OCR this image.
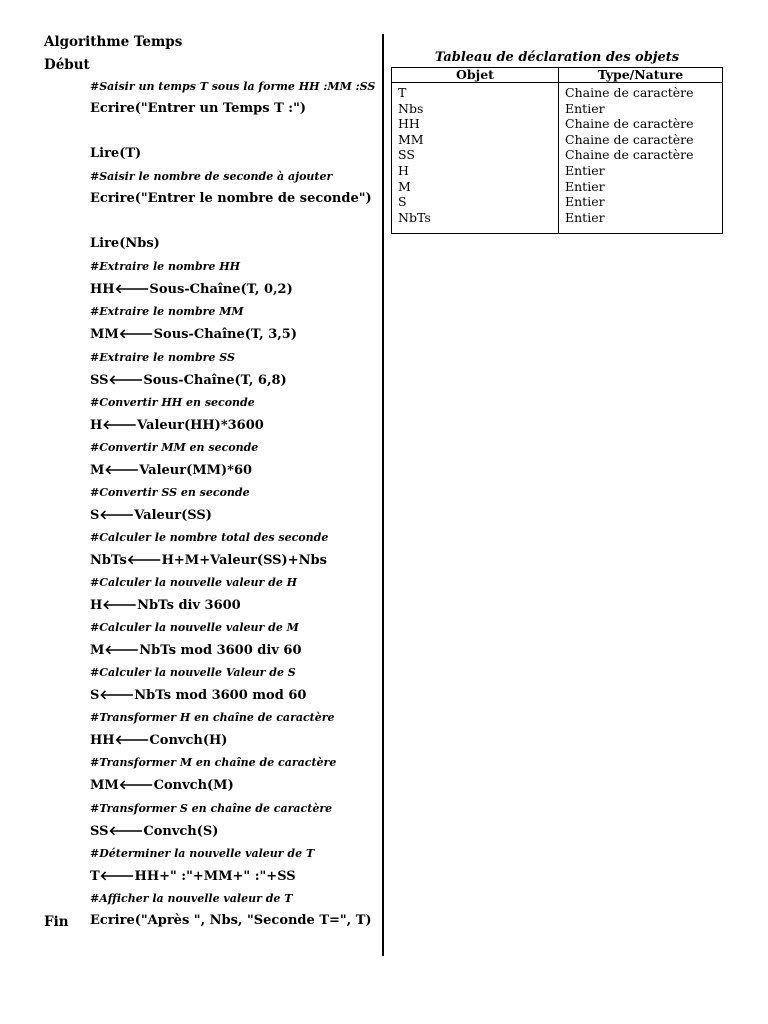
Algorithme Temps
Début
#Saisir un temps T sous la forme HH :MM :SS
Ecrire("Entrer un Temps T :")
Lire(T)
#Saisir le nombre de seconde à ajouter
Ecrire("Entrer le nombre de seconde")
Lire(Nbs)
#Extraire le nombre HH
HH🡐Sous-Chaîne(T, 0,2)
#Extraire le nombre MM
MM🡐Sous-Chaîne(T, 3,5)
#Extraire le nombre SS
SS🡐Sous-Chaîne(T, 6,8)
#Convertir HH en seconde
H🡐Valeur(HH)*3600
#Convertir MM en seconde
M🡐Valeur(MM)*60
#Convertir SS en seconde
S🡐Valeur(SS)
#Calculer le nombre total des seconde
NbTs🡐H+M+Valeur(SS)+Nbs
#Calculer la nouvelle valeur de H
H🡐NbTs div 3600
#Calculer la nouvelle valeur de M
M🡐NbTs mod 3600 div 60
#Calculer la nouvelle Valeur de S
S🡐NbTs mod 3600 mod 60
#Transformer H en chaîne de caractère
HH🡐Convch(H)
#Transformer M en chaîne de caractère
MM🡐Convch(M)
#Transformer S en chaîne de caractère
SS🡐Convch(S)
#Déterminer la nouvelle valeur de T
T🡐HH+" :"+MM+" :"+SS
#Afficher la nouvelle valeur de T
Ecrire("Après ", Nbs, "Seconde T=", T)
Fin
Tableau de déclaration des objets
Objet	Type/Nature
T	Chaine de caractère
Nbs	Entier
HH	Chaine de caractère
MM	Chaine de caractère
SS	Chaine de caractère
H	Entier
M	Entier
S	Entier
NbTs	Entier
